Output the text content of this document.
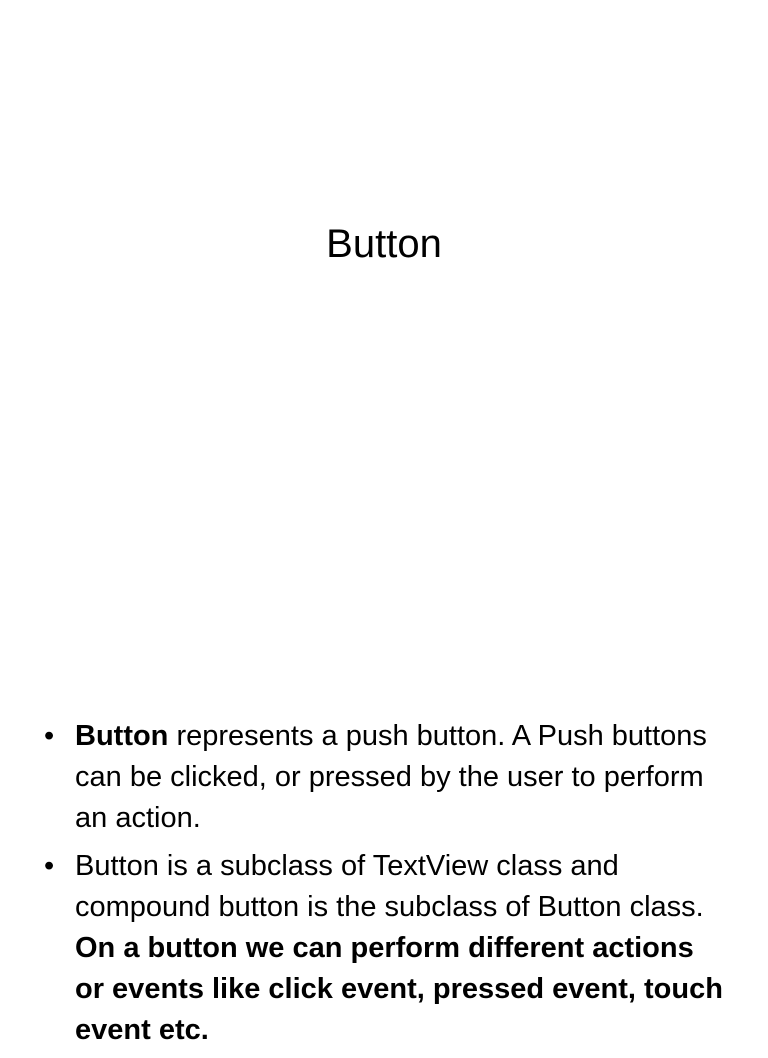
Button
• Button represents a push button. A Push buttons can be clicked, or pressed by the user to perform an action.
• Button is a subclass of TextView class and compound button is the subclass of Button class. On a button we can perform different actions or events like click event, pressed event, touch event etc.
